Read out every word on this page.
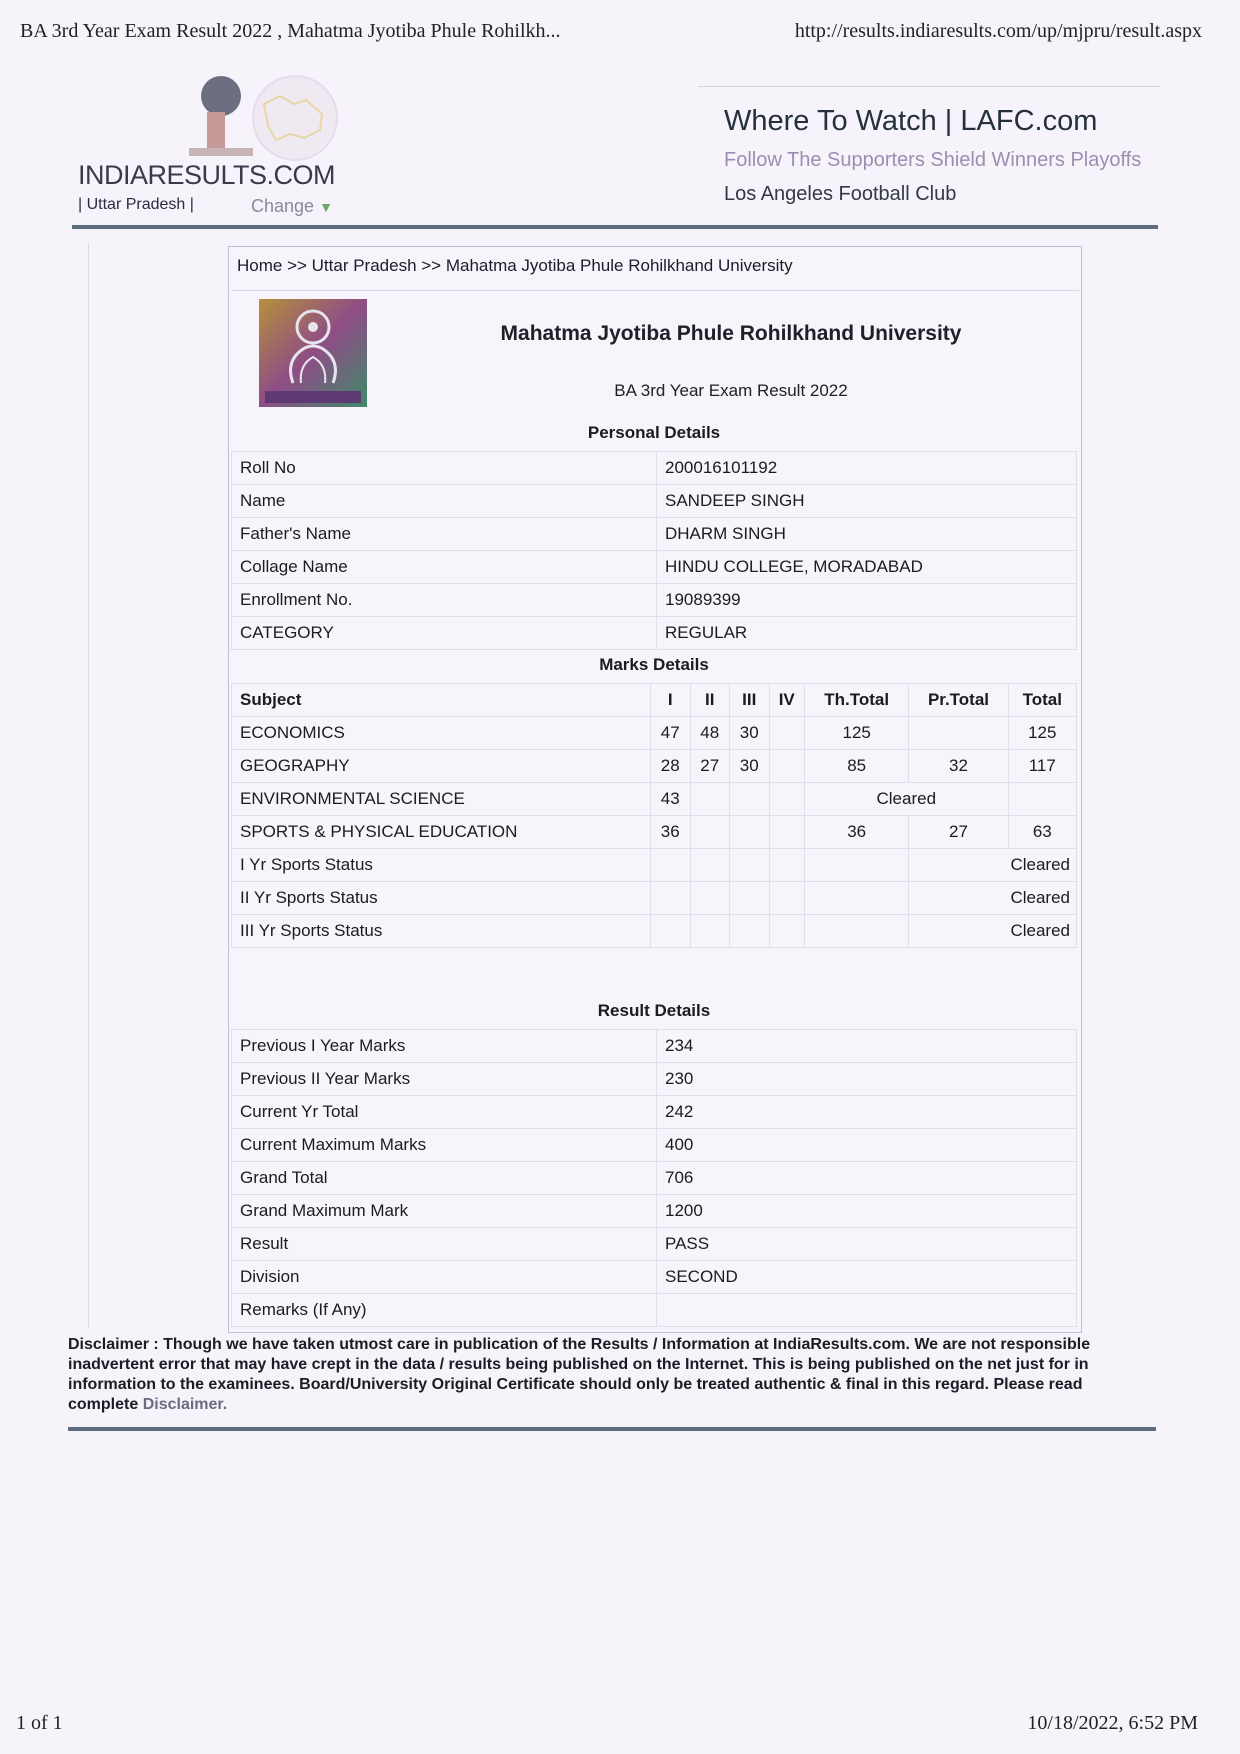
BA 3rd Year Exam Result 2022 , Mahatma Jyotiba Phule Rohilkh...	http://results.indiaresults.com/up/mjpru/result.aspx
INDIARESULTS.COM
| Uttar Pradesh |	Change ▼
Where To Watch | LAFC.com
Follow The Supporters Shield Winners Playoffs
Los Angeles Football Club
Home >> Uttar Pradesh >> Mahatma Jyotiba Phule Rohilkhand University
Mahatma Jyotiba Phule Rohilkhand University
BA 3rd Year Exam Result 2022
Personal Details	
Roll No	200016101192
Name	SANDEEP SINGH
Father's Name	DHARM SINGH
Collage Name	HINDU COLLEGE, MORADABAD
Enrollment No.	19089399
CATEGORY	REGULAR
Marks Details							
Subject	I	II	III	IV	Th.Total	Pr.Total	Total
ECONOMICS	47	48	30		125		125
GEOGRAPHY	28	27	30		85	32	117
ENVIRONMENTAL SCIENCE	43				Cleared		
SPORTS & PHYSICAL EDUCATION	36				36	27	63
I Yr Sports Status						Cleared	
II Yr Sports Status						Cleared	
III Yr Sports Status						Cleared	
Result Details	
Previous I Year Marks	234
Previous II Year Marks	230
Current Yr Total	242
Current Maximum Marks	400
Grand Total	706
Grand Maximum Mark	1200
Result	PASS
Division	SECOND
Remarks (If Any)	
Disclaimer : Though we have taken utmost care in publication of the Results / Information at IndiaResults.com. We are not responsible
inadvertent error that may have crept in the data / results being published on the Internet. This is being published on the net just for in
information to the examinees. Board/University Original Certificate should only be treated authentic & final in this regard. Please read
complete Disclaimer.
1 of 1	10/18/2022, 6:52 PM
